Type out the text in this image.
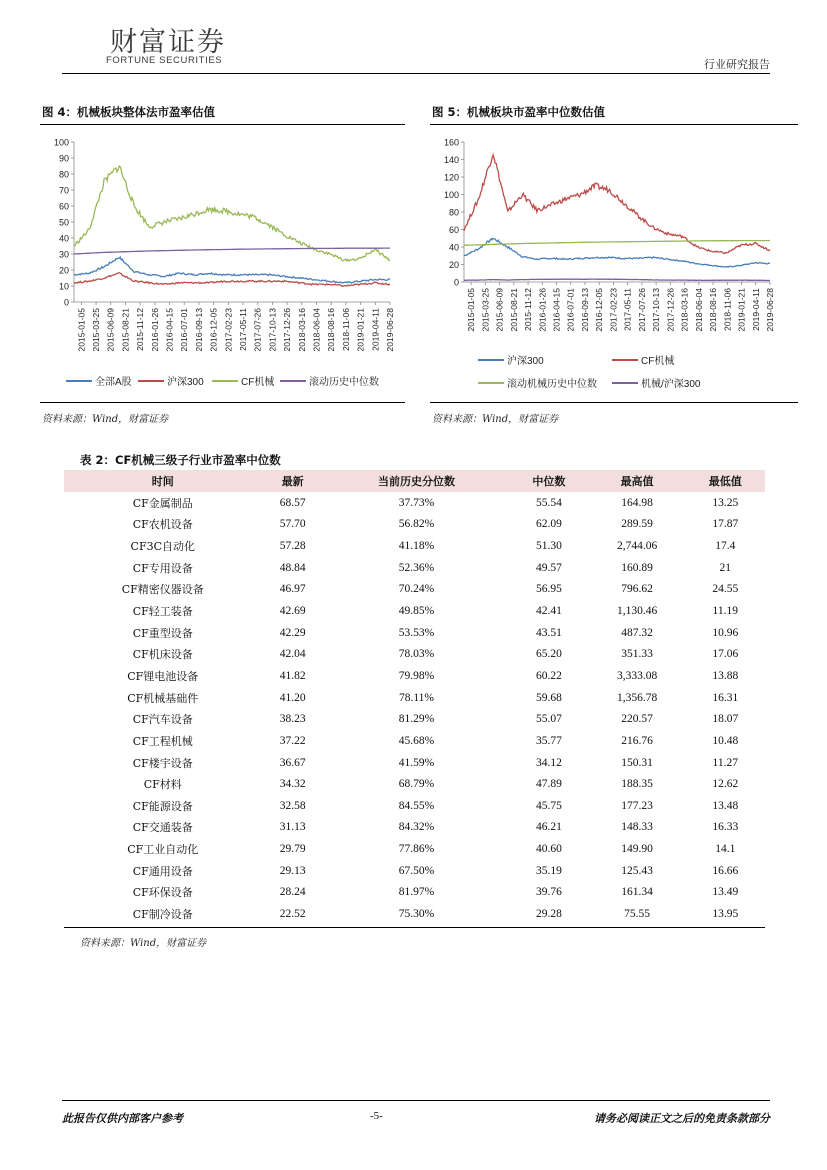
财富证券
FORTUNE SECURITIES	行业研究报告
图 4：机械板块整体法市盈率估值	图 5：机械板块市盈率中位数估值
0
10
20
30
40
50
60
70
80
90
100
2015-01-05 2015-03-25 2015-06-09 2015-08-21 2015-11-12 2016-01-26 2016-04-15 2016-07-01 2016-09-13 2016-12-05 2017-02-23 2017-05-11 2017-07-26 2017-10-13 2017-12-26 2018-03-16 2018-06-04 2018-08-16 2018-11-06 2019-01-21 2019-04-11 2019-06-28
全部A股	沪深300	CF机械	滚动历史中位数
0
20
40
60
80
100
120
140
160
2015-01-05 2015-03-25 2015-06-09 2015-08-21 2015-11-12 2016-01-26 2016-04-15 2016-07-01 2016-09-13 2016-12-05 2017-02-23 2017-05-11 2017-07-26 2017-10-13 2017-12-26 2018-03-16 2018-06-04 2018-08-16 2018-11-06 2019-01-21 2019-04-11 2019-06-28
沪深300	CF机械
滚动机械历史中位数	机械/沪深300
资料来源：Wind，财富证券	资料来源：Wind，财富证券
表 2：CF机械三级子行业市盈率中位数
时间	最新	当前历史分位数	中位数	最高值	最低值
CF金属制品	68.57	37.73%	55.54	164.98	13.25
CF农机设备	57.70	56.82%	62.09	289.59	17.87
CF3C自动化	57.28	41.18%	51.30	2,744.06	17.4
CF专用设备	48.84	52.36%	49.57	160.89	21
CF精密仪器设备	46.97	70.24%	56.95	796.62	24.55
CF轻工装备	42.69	49.85%	42.41	1,130.46	11.19
CF重型设备	42.29	53.53%	43.51	487.32	10.96
CF机床设备	42.04	78.03%	65.20	351.33	17.06
CF锂电池设备	41.82	79.98%	60.22	3,333.08	13.88
CF机械基础件	41.20	78.11%	59.68	1,356.78	16.31
CF汽车设备	38.23	81.29%	55.07	220.57	18.07
CF工程机械	37.22	45.68%	35.77	216.76	10.48
CF楼宇设备	36.67	41.59%	34.12	150.31	11.27
CF材料	34.32	68.79%	47.89	188.35	12.62
CF能源设备	32.58	84.55%	45.75	177.23	13.48
CF交通装备	31.13	84.32%	46.21	148.33	16.33
CF工业自动化	29.79	77.86%	40.60	149.90	14.1
CF通用设备	29.13	67.50%	35.19	125.43	16.66
CF环保设备	28.24	81.97%	39.76	161.34	13.49
CF制冷设备	22.52	75.30%	29.28	75.55	13.95
资料来源：Wind，财富证券
此报告仅供内部客户参考	-5-	请务必阅读正文之后的免责条款部分
